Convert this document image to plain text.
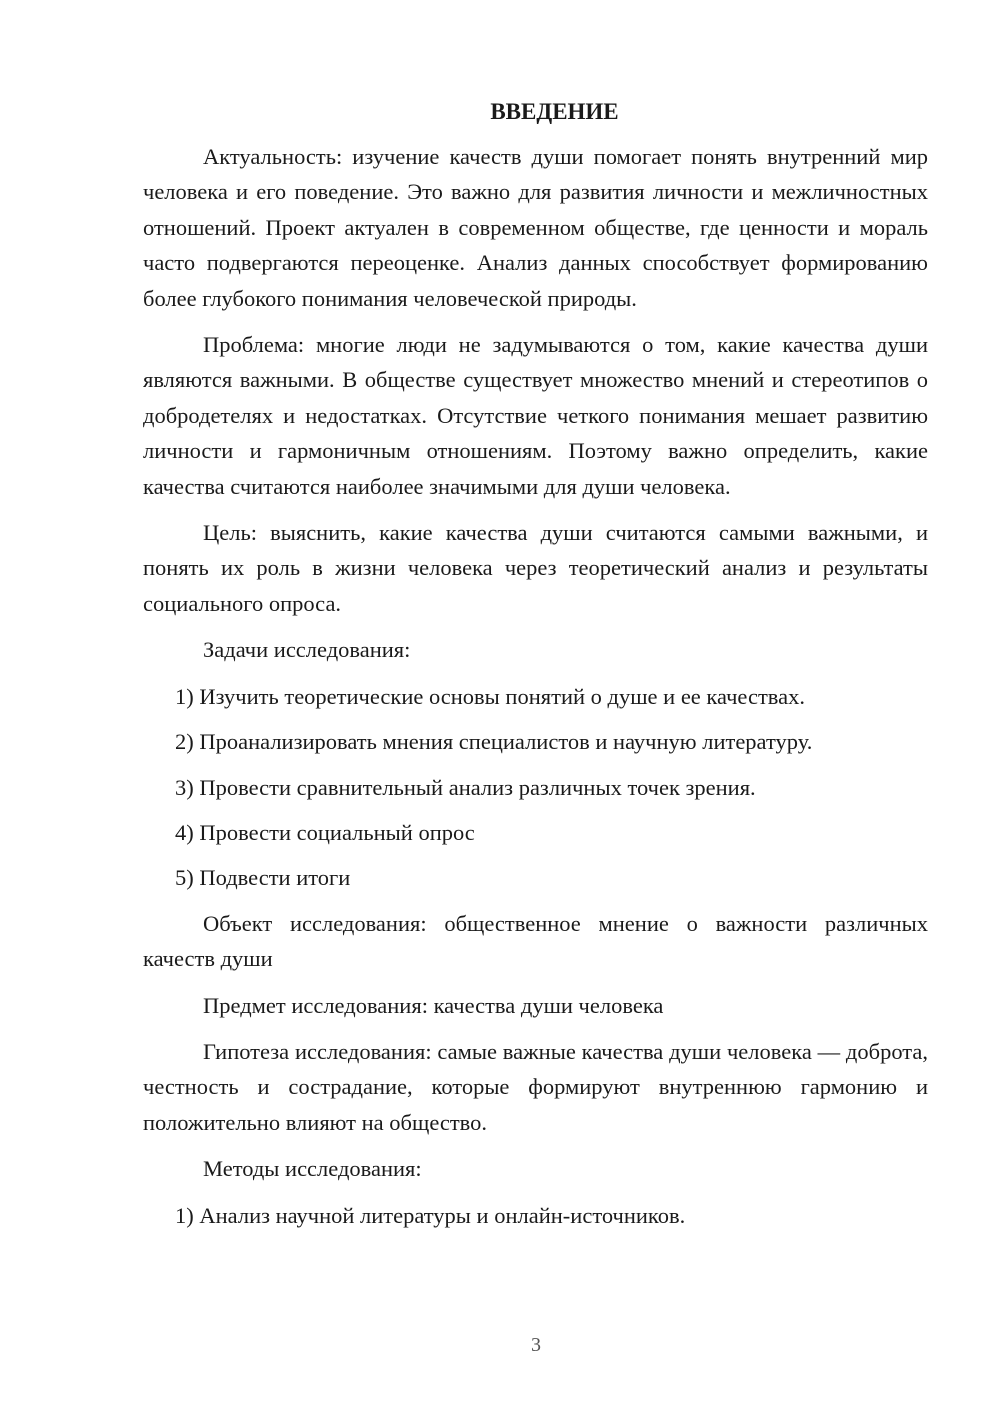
ВВЕДЕНИЕ

Актуальность: изучение качеств души помогает понять внутренний мир человека и его поведение. Это важно для развития личности и межличностных отношений. Проект актуален в современном обществе, где ценности и мораль часто подвергаются переоценке. Анализ данных способствует формированию более глубокого понимания человеческой природы.

Проблема: многие люди не задумываются о том, какие качества души являются важными. В обществе существует множество мнений и стереотипов о добродетелях и недостатках. Отсутствие четкого понимания мешает развитию личности и гармоничным отношениям. Поэтому важно определить, какие качества считаются наиболее значимыми для души человека.

Цель: выяснить, какие качества души считаются самыми важными, и понять их роль в жизни человека через теоретический анализ и результаты социального опроса.

Задачи исследования:

1) Изучить теоретические основы понятий о душе и ее качествах.
2) Проанализировать мнения специалистов и научную литературу.
3) Провести сравнительный анализ различных точек зрения.
4) Провести социальный опрос
5) Подвести итоги

Объект исследования: общественное мнение о важности различных качеств души

Предмет исследования: качества души человека

Гипотеза исследования: самые важные качества души человека — доброта, честность и сострадание, которые формируют внутреннюю гармонию и положительно влияют на общество.

Методы исследования:

1) Анализ научной литературы и онлайн-источников.
3
